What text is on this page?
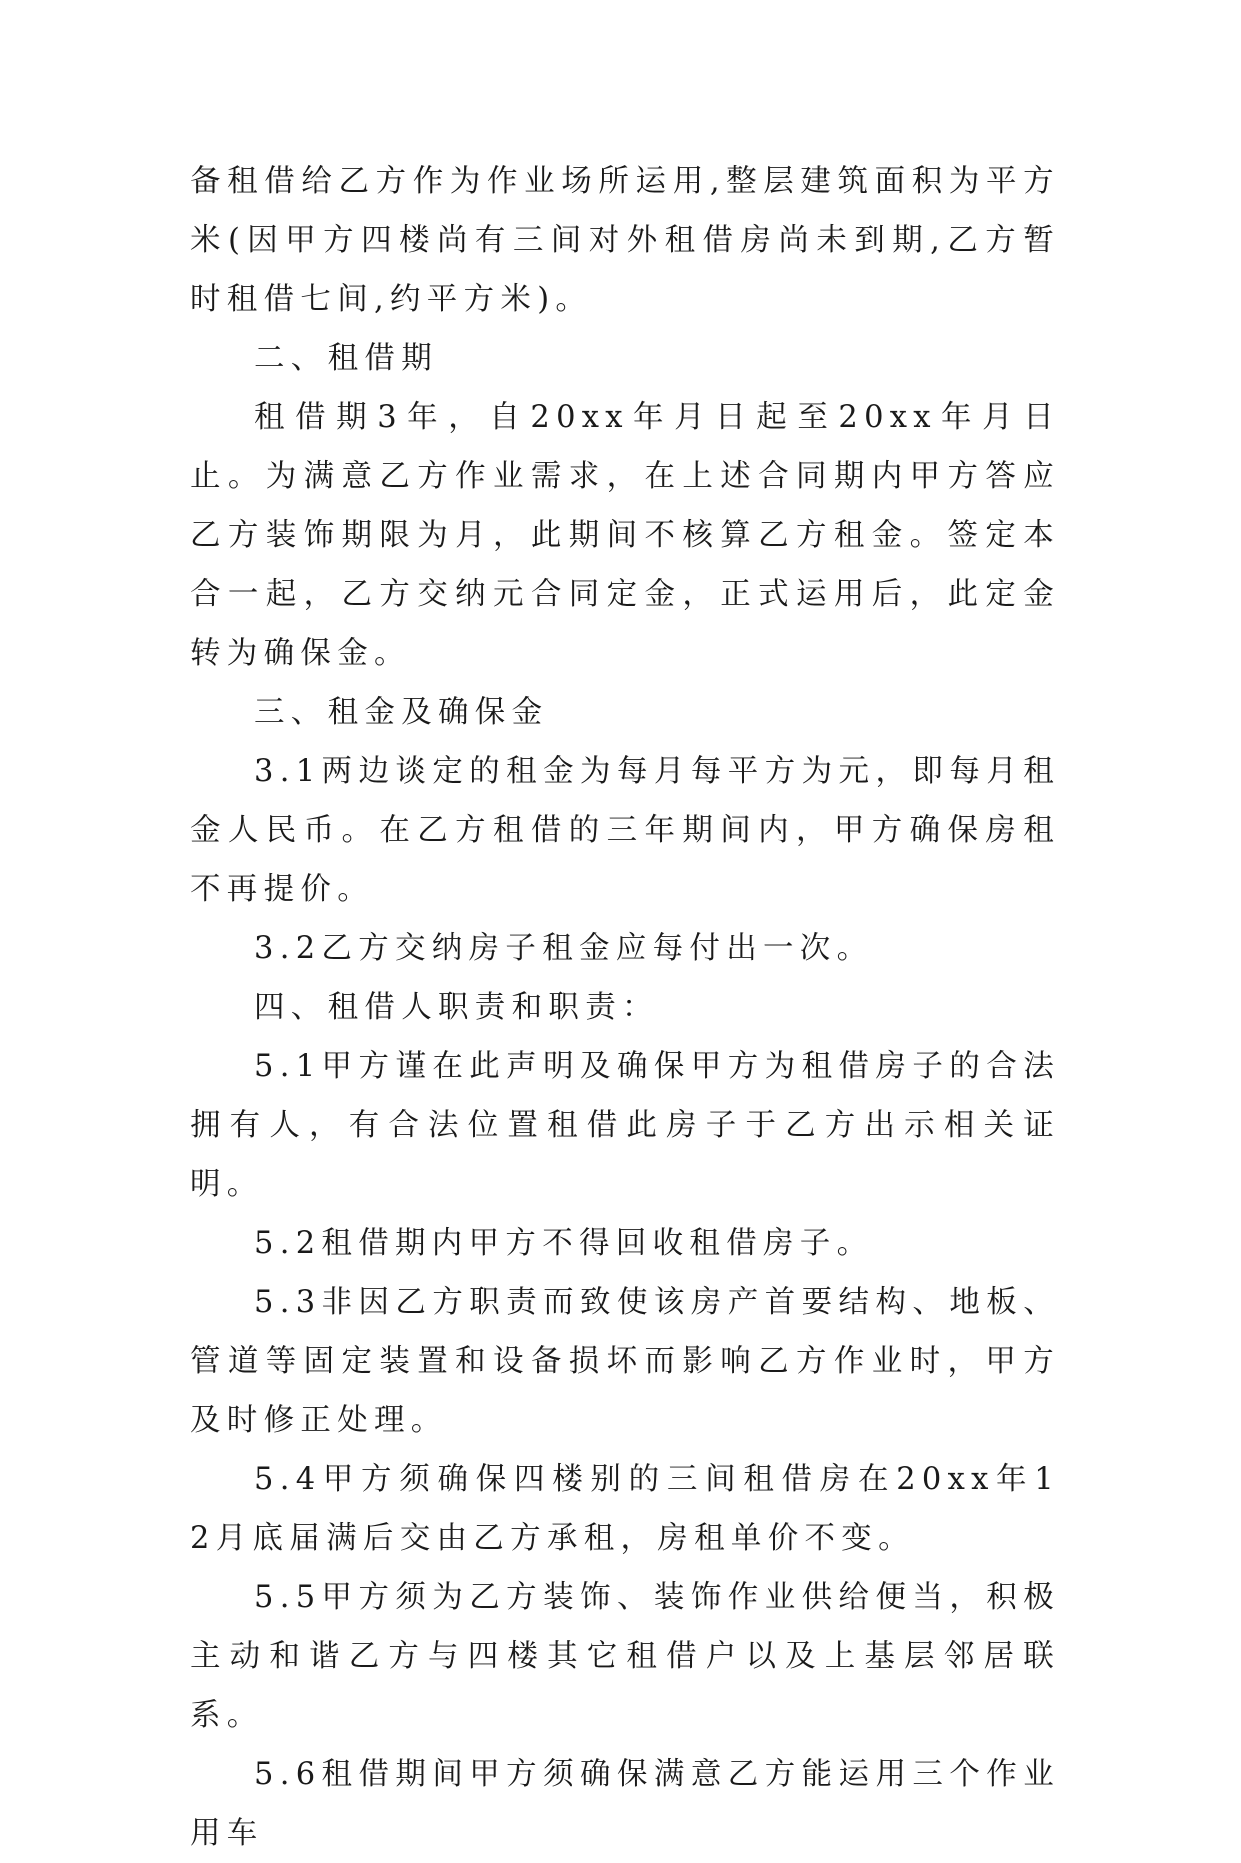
备租借给乙方作为作业场所运用,整层建筑面积为平方米(因甲方四楼尚有三间对外租借房尚未到期,乙方暂时租借七间,约平方米)。

二、租借期

租借期3年，自20xx年月日起至20xx年月日止。为满意乙方作业需求，在上述合同期内甲方答应乙方装饰期限为月，此期间不核算乙方租金。签定本合一起，乙方交纳元合同定金，正式运用后，此定金转为确保金。

三、租金及确保金

3.1两边谈定的租金为每月每平方为元，即每月租金人民币。在乙方租借的三年期间内，甲方确保房租不再提价。

3.2乙方交纳房子租金应每付出一次。

四、租借人职责和职责：

5.1甲方谨在此声明及确保甲方为租借房子的合法拥有人，有合法位置租借此房子于乙方出示相关证明。

5.2租借期内甲方不得回收租借房子。

5.3非因乙方职责而致使该房产首要结构、地板、管道等固定装置和设备损坏而影响乙方作业时，甲方及时修正处理。

5.4甲方须确保四楼别的三间租借房在20xx年12月底届满后交由乙方承租，房租单价不变。

5.5甲方须为乙方装饰、装饰作业供给便当，积极主动和谐乙方与四楼其它租借户以及上基层邻居联系。

5.6租借期间甲方须确保满意乙方能运用三个作业用车
